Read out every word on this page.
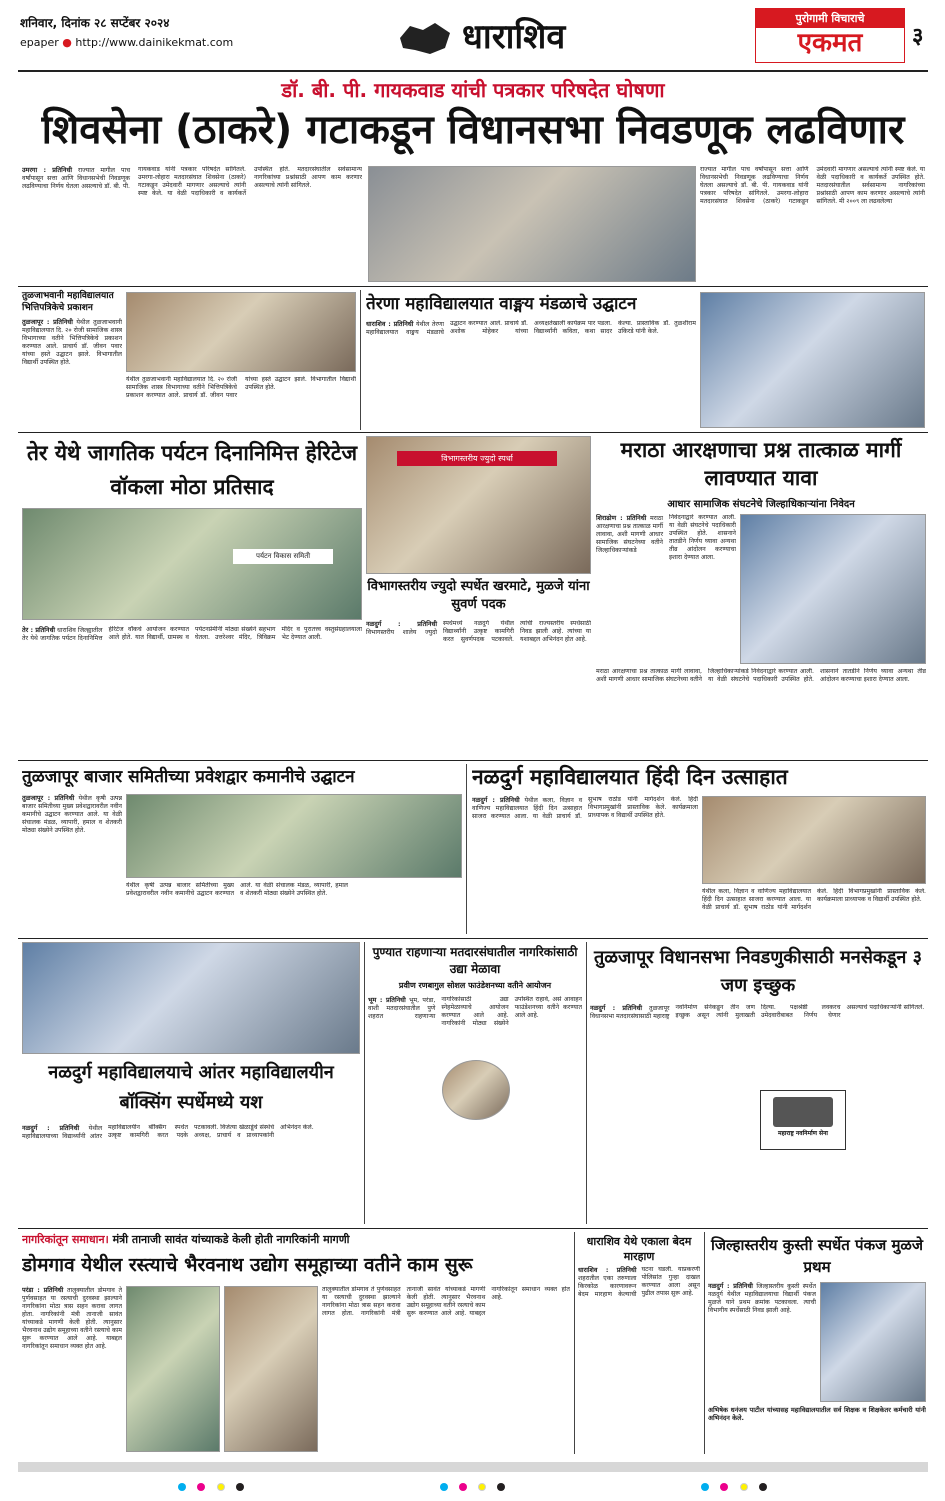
शनिवार, दिनांक २८ सप्टेंबर २०२४
epaper ● http://www.dainikekmat.com	धाराशिव	पुरोगामी विचाराचे
एकमत	३
डॉ. बी. पी. गायकवाड यांची पत्रकार परिषदेत घोषणा
शिवसेना (ठाकरे) गटाकडून विधानसभा निवडणूक लढविणार
उमरगा : प्रतिनिधी राज्यात मागील पाच वर्षांपासून सत्ता आणि विधानसभेची निवडणूक लढविण्याचा निर्णय घेतला असल्याचे डॉ. बी. पी. गायकवाड यांनी पत्रकार परिषदेत सांगितले. उमरगा-लोहारा मतदारसंघात शिवसेना (ठाकरे) गटाकडून उमेदवारी मागणार असल्याचे त्यांनी स्पष्ट केले. या वेळी पदाधिकारी व कार्यकर्ते उपस्थित होते. मतदारसंघातील सर्वसामान्य नागरिकांच्या प्रश्नांसाठी आपण काम करणार असल्याचे त्यांनी सांगितले.
राज्यात मागील पाच वर्षांपासून सत्ता आणि विधानसभेची निवडणूक लढविण्याचा निर्णय घेतला असल्याचे डॉ. बी. पी. गायकवाड यांनी पत्रकार परिषदेत सांगितले. उमरगा-लोहारा मतदारसंघात शिवसेना (ठाकरे) गटाकडून उमेदवारी मागणार असल्याचे त्यांनी स्पष्ट केले. या वेळी पदाधिकारी व कार्यकर्ते उपस्थित होते. मतदारसंघातील सर्वसामान्य नागरिकांच्या प्रश्नांसाठी आपण काम करणार असल्याचे त्यांनी सांगितले. मी २००९ ला लढवलेल्या
तुळजाभवानी महाविद्यालयात भित्तिपत्रिकेचे प्रकाशन
तुळजापूर : प्रतिनिधी येथील तुळजाभवानी महाविद्यालयात दि. २० रोजी सामाजिक शास्त्र विभागाच्या वतीने भित्तिपत्रिकेचे प्रकाशन करण्यात आले. प्राचार्य डॉ. जीवन पवार यांच्या हस्ते उद्घाटन झाले. विभागातील विद्यार्थी उपस्थित होते.
येथील तुळजाभवानी महाविद्यालयात दि. २० रोजी सामाजिक शास्त्र विभागाच्या वतीने भित्तिपत्रिकेचे प्रकाशन करण्यात आले. प्राचार्य डॉ. जीवन पवार यांच्या हस्ते उद्घाटन झाले. विभागातील विद्यार्थी उपस्थित होते.
तेरणा महाविद्यालयात वाङ्मय मंडळाचे उद्घाटन
धाराशिव : प्रतिनिधी येथील तेरणा महाविद्यालयात वाङ्मय मंडळाचे उद्घाटन करण्यात आले. प्राचार्य डॉ. अशोक मोहेकर यांच्या अध्यक्षतेखाली कार्यक्रम पार पडला. विद्यार्थ्यांनी कविता, कथा सादर केल्या. प्रास्ताविक डॉ. तुळशीराम उकिरडे यांनी केले.
तेर येथे जागतिक पर्यटन दिनानिमित्त हेरिटेज वॉकला मोठा प्रतिसाद
पर्यटन विकास समिती
तेर : प्रतिनिधी धाराशिव जिल्ह्यातील तेर येथे जागतिक पर्यटन दिनानिमित्त हेरिटेज वॉकचे आयोजन करण्यात आले होते. यात विद्यार्थी, ग्रामस्थ व पर्यटनप्रेमींनी मोठ्या संख्येने सहभाग घेतला. उत्तरेश्वर मंदिर, त्रिविक्रम मंदिर व पुरातत्त्व वस्तुसंग्रहालयाला भेट देण्यात आली.
विभागस्तरीय ज्युदो स्पर्धा
विभागस्तरीय ज्युदो स्पर्धेत खरमाटे, मुळजे यांना सुवर्ण पदक
नळदुर्ग : प्रतिनिधी विभागस्तरीय शालेय ज्युदो स्पर्धेमध्ये नळदुर्ग येथील विद्यार्थ्यांनी उत्कृष्ट कामगिरी करत सुवर्णपदक पटकावले. त्यांची राज्यस्तरीय स्पर्धेसाठी निवड झाली आहे. त्यांच्या या यशाबद्दल अभिनंदन होत आहे.
मराठा आरक्षणाचा प्रश्न तात्काळ मार्गी लावण्यात यावा
आधार सामाजिक संघटनेचे जिल्हाधिकाऱ्यांना निवेदन
शिराढोण : प्रतिनिधी मराठा आरक्षणाचा प्रश्न तात्काळ मार्गी लावावा, अशी मागणी आधार सामाजिक संघटनेच्या वतीने जिल्हाधिकाऱ्यांकडे निवेदनाद्वारे करण्यात आली. या वेळी संघटनेचे पदाधिकारी उपस्थित होते. शासनाने तातडीने निर्णय घ्यावा अन्यथा तीव्र आंदोलन करण्याचा इशारा देण्यात आला.
मराठा आरक्षणाचा प्रश्न तात्काळ मार्गी लावावा, अशी मागणी आधार सामाजिक संघटनेच्या वतीने जिल्हाधिकाऱ्यांकडे निवेदनाद्वारे करण्यात आली. या वेळी संघटनेचे पदाधिकारी उपस्थित होते. शासनाने तातडीने निर्णय घ्यावा अन्यथा तीव्र आंदोलन करण्याचा इशारा देण्यात आला.
तुळजापूर बाजार समितीच्या प्रवेशद्वार कमानीचे उद्घाटन
तुळजापूर : प्रतिनिधी येथील कृषी उत्पन्न बाजार समितीच्या मुख्य प्रवेशद्वारावरील नवीन कमानीचे उद्घाटन करण्यात आले. या वेळी संचालक मंडळ, व्यापारी, हमाल व शेतकरी मोठ्या संख्येने उपस्थित होते.
येथील कृषी उत्पन्न बाजार समितीच्या मुख्य प्रवेशद्वारावरील नवीन कमानीचे उद्घाटन करण्यात आले. या वेळी संचालक मंडळ, व्यापारी, हमाल व शेतकरी मोठ्या संख्येने उपस्थित होते.
नळदुर्ग महाविद्यालयात हिंदी दिन उत्साहात
नळदुर्ग : प्रतिनिधी येथील कला, विज्ञान व वाणिज्य महाविद्यालयात हिंदी दिन उत्साहात साजरा करण्यात आला. या वेळी प्राचार्य डॉ. सुभाष राठोड यांनी मार्गदर्शन केले. हिंदी विभागप्रमुखांनी प्रास्ताविक केले. कार्यक्रमाला प्राध्यापक व विद्यार्थी उपस्थित होते.
येथील कला, विज्ञान व वाणिज्य महाविद्यालयात हिंदी दिन उत्साहात साजरा करण्यात आला. या वेळी प्राचार्य डॉ. सुभाष राठोड यांनी मार्गदर्शन केले. हिंदी विभागप्रमुखांनी प्रास्ताविक केले. कार्यक्रमाला प्राध्यापक व विद्यार्थी उपस्थित होते.
नळदुर्ग महाविद्यालयाचे आंतर महाविद्यालयीन बॉक्सिंग स्पर्धेमध्ये यश
नळदुर्ग : प्रतिनिधी येथील महाविद्यालयाच्या विद्यार्थ्यांनी आंतर महाविद्यालयीन बॉक्सिंग स्पर्धेत उत्कृष्ट कामगिरी करत पदके पटकावली. विजेत्या खेळाडूंचे संस्थेचे अध्यक्ष, प्राचार्य व प्राध्यापकांनी अभिनंदन केले.
पुण्यात राहणाऱ्या मतदारसंघातील नागरिकांसाठी उद्या मेळावा
प्रवीण रणबागुल सोशल फाउंडेशनच्या वतीने आयोजन
भूम : प्रतिनिधी भूम, परंडा, वाशी मतदारसंघातील पुणे शहरात राहणाऱ्या नागरिकांसाठी उद्या स्नेहमेळाव्याचे आयोजन करण्यात आले आहे. नागरिकांनी मोठ्या संख्येने उपस्थित राहावे, असे आवाहन फाउंडेशनच्या वतीने करण्यात आले आहे.
तुळजापूर विधानसभा निवडणुकीसाठी मनसेकडून ३ जण इच्छुक
नळदुर्ग : प्रतिनिधी तुळजापूर विधानसभा मतदारसंघासाठी महाराष्ट्र नवनिर्माण सेनेकडून तीन जण इच्छुक असून त्यांनी मुलाखती दिल्या. पक्षश्रेष्ठी लवकरच उमेदवारीबाबत निर्णय घेणार असल्याचे पदाधिकाऱ्यांनी सांगितले.
महाराष्ट्र नवनिर्माण सेना
नागरिकांतून समाधान। मंत्री तानाजी सावंत यांच्याकडे केली होती नागरिकांनी मागणी
डोमगाव येथील रस्त्याचे भैरवनाथ उद्योग समूहाच्या वतीने काम सुरू
परंडा : प्रतिनिधी तालुक्यातील डोमगाव ते पुर्णवसाहत या रस्त्याची दुरवस्था झाल्याने नागरिकांना मोठा त्रास सहन करावा लागत होता. नागरिकांनी मंत्री तानाजी सावंत यांच्याकडे मागणी केली होती. त्यानुसार भैरवनाथ उद्योग समूहाच्या वतीने रस्त्याचे काम सुरू करण्यात आले आहे. याबद्दल नागरिकांतून समाधान व्यक्त होत आहे.
तालुक्यातील डोमगाव ते पुर्णवसाहत या रस्त्याची दुरवस्था झाल्याने नागरिकांना मोठा त्रास सहन करावा लागत होता. नागरिकांनी मंत्री तानाजी सावंत यांच्याकडे मागणी केली होती. त्यानुसार भैरवनाथ उद्योग समूहाच्या वतीने रस्त्याचे काम सुरू करण्यात आले आहे. याबद्दल नागरिकांतून समाधान व्यक्त होत आहे.
धाराशिव येथे एकाला बेदम मारहाण
धाराशिव : प्रतिनिधी शहरातील एका तरुणाला किरकोळ कारणावरून बेदम मारहाण केल्याची घटना घडली. याप्रकरणी पोलिसांत गुन्हा दाखल करण्यात आला असून पुढील तपास सुरू आहे.
जिल्हास्तरीय कुस्ती स्पर्धेत पंकज मुळजे प्रथम
नळदुर्ग : प्रतिनिधी जिल्हास्तरीय कुस्ती स्पर्धेत नळदुर्ग येथील महाविद्यालयाचा विद्यार्थी पंकज मुळजे याने प्रथम क्रमांक पटकावला. त्याची विभागीय स्पर्धेसाठी निवड झाली आहे.
अभिषेक धनंजय पाटील यांच्यासह महाविद्यालयातील सर्व शिक्षक व शिक्षकेतर कर्मचारी यांनी अभिनंदन केले.
